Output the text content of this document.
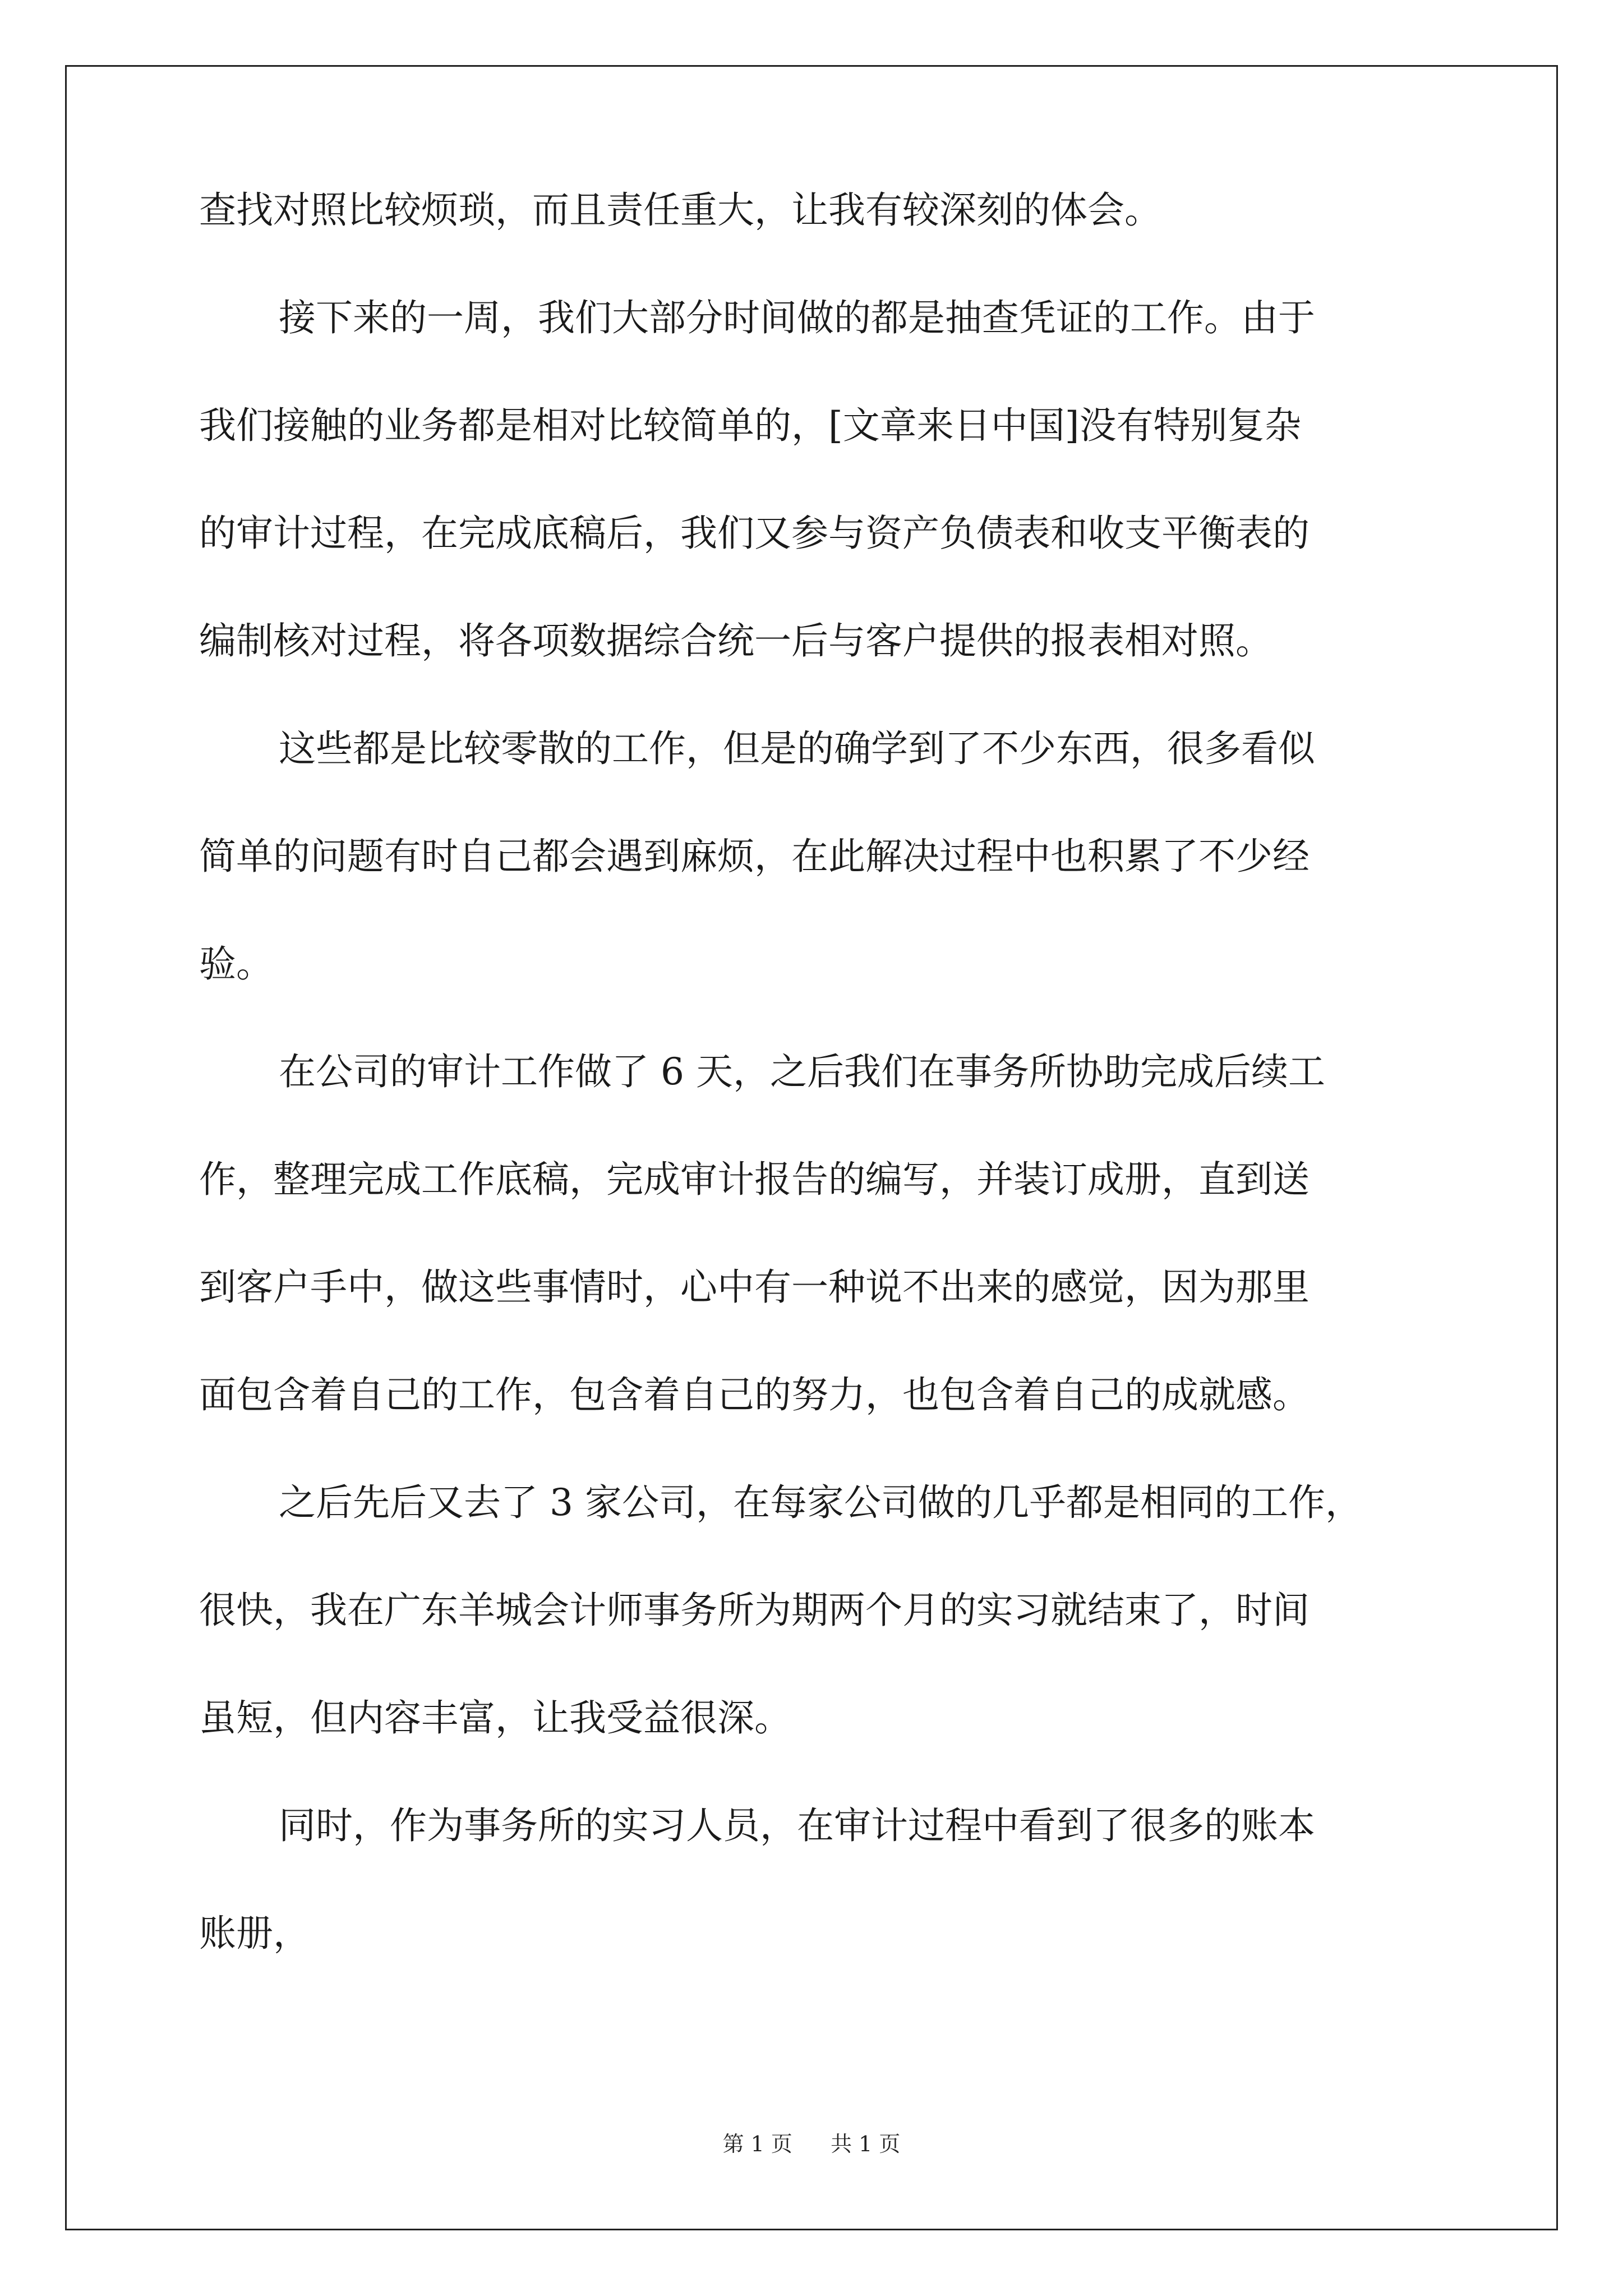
查找对照比较烦琐，而且责任重大，让我有较深刻的体会。
接下来的一周，我们大部分时间做的都是抽查凭证的工作。由于
我们接触的业务都是相对比较简单的，[文章来日中国]没有特别复杂
的审计过程，在完成底稿后，我们又参与资产负债表和收支平衡表的
编制核对过程，将各项数据综合统一后与客户提供的报表相对照。
这些都是比较零散的工作，但是的确学到了不少东西，很多看似
简单的问题有时自己都会遇到麻烦，在此解决过程中也积累了不少经
验。
在公司的审计工作做了 6 天，之后我们在事务所协助完成后续工
作，整理完成工作底稿，完成审计报告的编写，并装订成册，直到送
到客户手中，做这些事情时，心中有一种说不出来的感觉，因为那里
面包含着自己的工作，包含着自己的努力，也包含着自己的成就感。
之后先后又去了 3 家公司，在每家公司做的几乎都是相同的工作，
很快，我在广东羊城会计师事务所为期两个月的实习就结束了，时间
虽短，但内容丰富，让我受益很深。
同时，作为事务所的实习人员，在审计过程中看到了很多的账本
账册，
第 1 页 共 1 页
